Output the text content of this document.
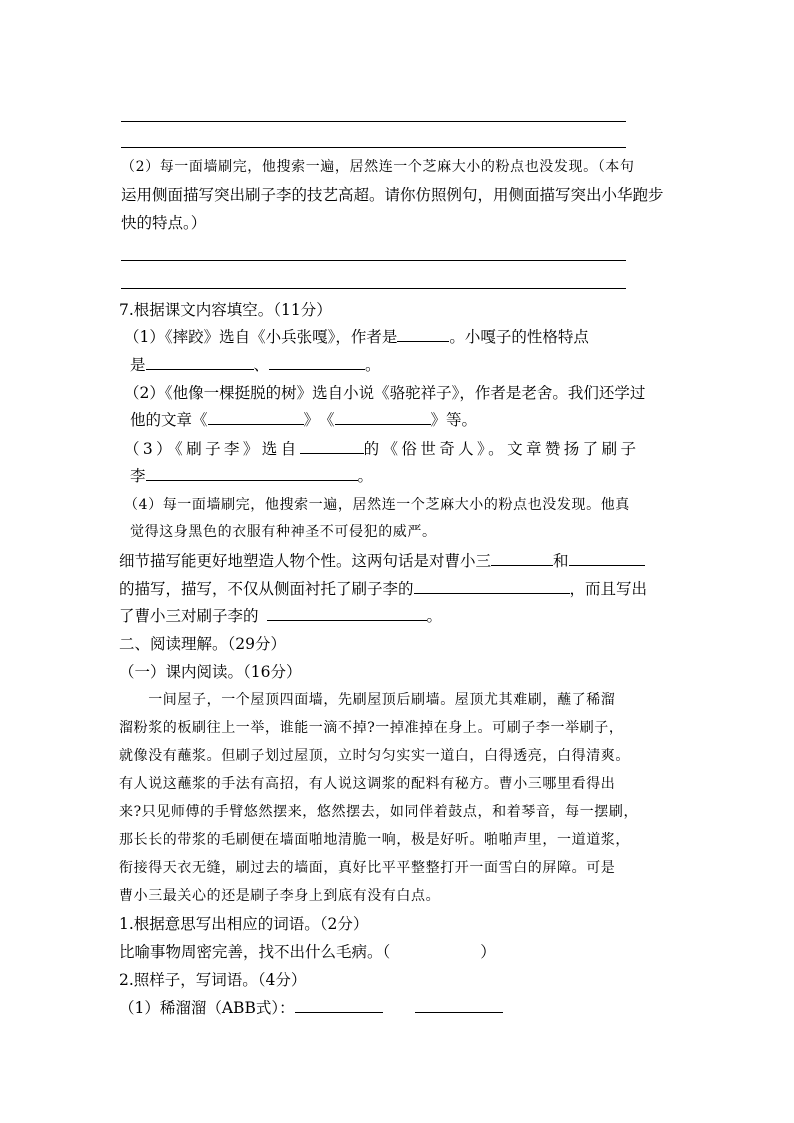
（2）每一面墙刷完，他搜索一遍，居然连一个芝麻大小的粉点也没发现。（本句
运用侧面描写突出刷子李的技艺高超。请你仿照例句，用侧面描写突出小华跑步
快的特点。）
7.根据课文内容填空。（11分）
（1）《摔跤》选自《小兵张嘎》，作者是	。小嘎子的性格特点
是	、	。
（2）《他像一棵挺脱的树》选自小说《骆驼祥子》，作者是老舍。我们还学过
他的文章《	》　《	》等。
（3）《刷子李》选自	的《俗世奇人》。文章赞扬了刷子
李	。
（4）每一面墙刷完，他搜索一遍，居然连一个芝麻大小的粉点也没发现。他真
觉得这身黑色的衣服有种神圣不可侵犯的威严。
细节描写能更好地塑造人物个性。这两句话是对曹小三	和
的描写，描写，不仅从侧面衬托了刷子李的	，而且写出
了曹小三对刷子李的	。
二、阅读理解。（29分）
（一）课内阅读。（16分）
　　一间屋子，一个屋顶四面墙，先刷屋顶后刷墙。屋顶尤其难刷，蘸了稀溜
溜粉浆的板刷往上一举，谁能一滴不掉?一掉准掉在身上。可刷子李一举刷子，
就像没有蘸浆。但刷子划过屋顶，立时匀匀实实一道白，白得透亮，白得清爽。
有人说这蘸浆的手法有高招，有人说这调浆的配料有秘方。曹小三哪里看得出
来?只见师傅的手臂悠然摆来，悠然摆去，如同伴着鼓点，和着琴音，每一摆刷，
那长长的带浆的毛刷便在墙面啪地清脆一响，极是好听。啪啪声里，一道道浆，
衔接得天衣无缝，刷过去的墙面，真好比平平整整打开一面雪白的屏障。可是
曹小三最关心的还是刷子李身上到底有没有白点。
1.根据意思写出相应的词语。（2分）
比喻事物周密完善，找不出什么毛病。（	）
2.照样子，写词语。（4分）
（1）稀溜溜（ABB式）：
